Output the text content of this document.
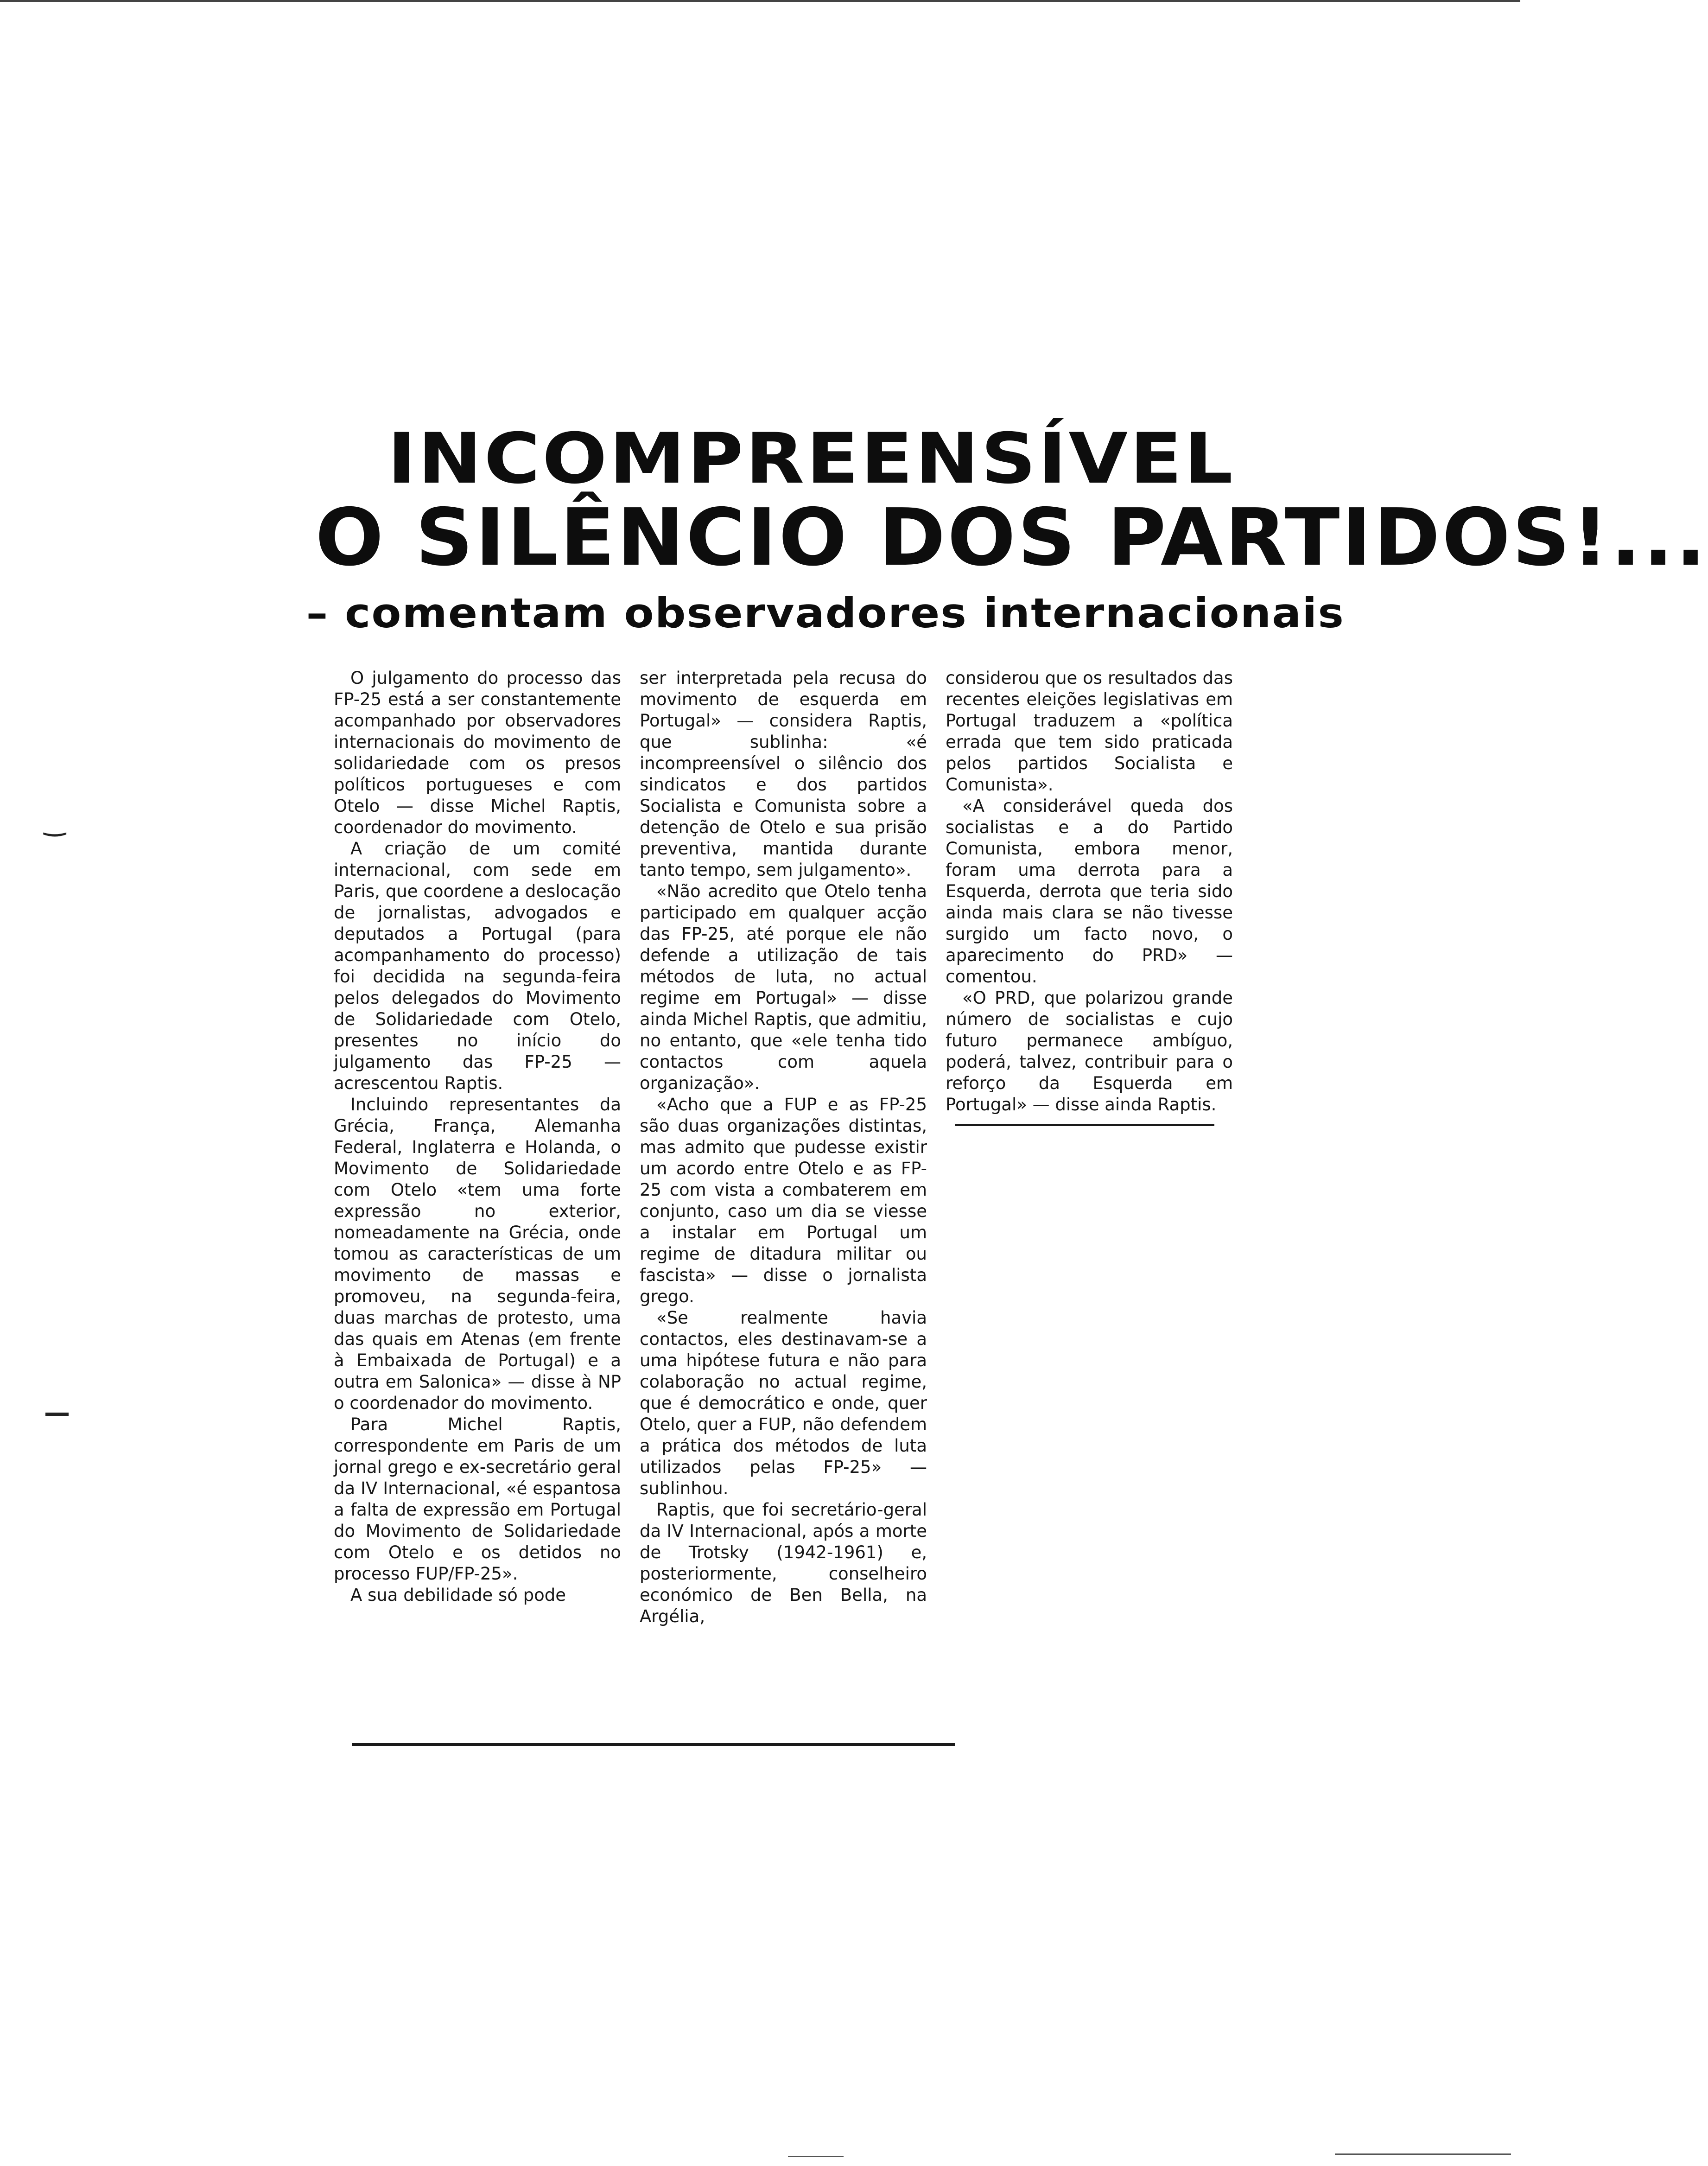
‿
—
INCOMPREENSÍVEL
O SILÊNCIO DOS PARTIDOS!...
– comentam observadores internacionais

O julgamento do processo das FP-25 está a ser constantemente acompanhado por observadores internacionais do movimento de solidariedade com os presos políticos portugueses e com Otelo — disse Michel Raptis, coordenador do movimento.

A criação de um comité internacional, com sede em Paris, que coordene a deslocação de jornalistas, advogados e deputados a Portugal (para acompanhamento do processo) foi decidida na segunda-feira pelos delegados do Movimento de Solidariedade com Otelo, presentes no início do julgamento das FP-25 — acrescentou Raptis.

Incluindo representantes da Grécia, França, Alemanha Federal, Inglaterra e Holanda, o Movimento de Solidariedade com Otelo «tem uma forte expressão no exterior, nomeadamente na Grécia, onde tomou as características de um movimento de massas e promoveu, na segunda-feira, duas marchas de protesto, uma das quais em Atenas (em frente à Embaixada de Portugal) e a outra em Salonica» — disse à NP o coordenador do movimento.

Para Michel Raptis, correspondente em Paris de um jornal grego e ex-secretário geral da IV Internacional, «é espantosa a falta de expressão em Portugal do Movimento de Solidariedade com Otelo e os detidos no processo FUP/FP-25».

A sua debilidade só pode

ser interpretada pela recusa do movimento de esquerda em Portugal» — considera Raptis, que sublinha: «é incompreensível o silêncio dos sindicatos e dos partidos Socialista e Comunista sobre a detenção de Otelo e sua prisão preventiva, mantida durante tanto tempo, sem julgamento».

«Não acredito que Otelo tenha participado em qualquer acção das FP-25, até porque ele não defende a utilização de tais métodos de luta, no actual regime em Portugal» — disse ainda Michel Raptis, que admitiu, no entanto, que «ele tenha tido contactos com aquela organização».

«Acho que a FUP e as FP-25 são duas organizações distintas, mas admito que pudesse existir um acordo entre Otelo e as FP-25 com vista a combaterem em conjunto, caso um dia se viesse a instalar em Portugal um regime de ditadura militar ou fascista» — disse o jornalista grego.

«Se realmente havia contactos, eles destinavam-se a uma hipótese futura e não para colaboração no actual regime, que é democrático e onde, quer Otelo, quer a FUP, não defendem a prática dos métodos de luta utilizados pelas FP-25» — sublinhou.

Raptis, que foi secretário-geral da IV Internacional, após a morte de Trotsky (1942-1961) e, posteriormente, conselheiro económico de Ben Bella, na Argélia,

considerou que os resultados das recentes eleições legislativas em Portugal traduzem a «política errada que tem sido praticada pelos partidos Socialista e Comunista».

«A considerável queda dos socialistas e a do Partido Comunista, embora menor, foram uma derrota para a Esquerda, derrota que teria sido ainda mais clara se não tivesse surgido um facto novo, o aparecimento do PRD» — comentou.

«O PRD, que polarizou grande número de socialistas e cujo futuro permanece ambíguo, poderá, talvez, contribuir para o reforço da Esquerda em Portugal» — disse ainda Raptis.
